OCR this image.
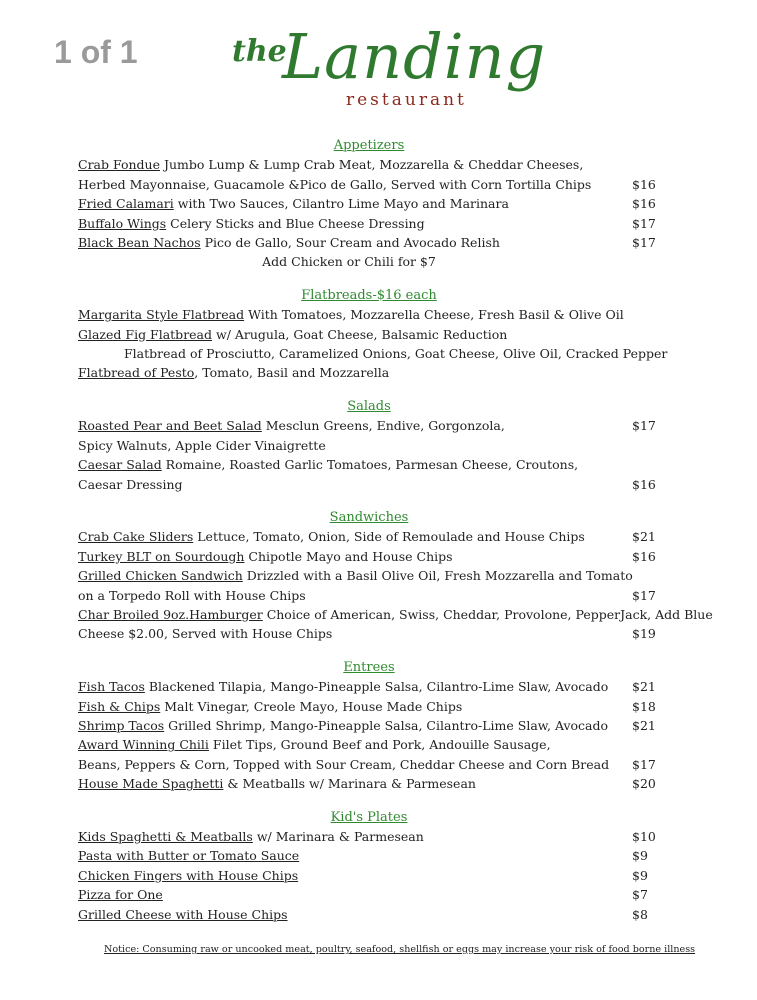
1 of 1	the
Landing
restaurant
Appetizers
Crab Fondue Jumbo Lump & Lump Crab Meat, Mozzarella & Cheddar Cheeses,
Herbed Mayonnaise, Guacamole &Pico de Gallo, Served with Corn Tortilla Chips	$16
Fried Calamari with Two Sauces, Cilantro Lime Mayo and Marinara	$16
Buffalo Wings Celery Sticks and Blue Cheese Dressing	$17
Black Bean Nachos Pico de Gallo, Sour Cream and Avocado Relish	$17
Add Chicken or Chili for $7
Flatbreads-$16 each
Margarita Style Flatbread With Tomatoes, Mozzarella Cheese, Fresh Basil & Olive Oil
Glazed Fig Flatbread w/ Arugula, Goat Cheese, Balsamic Reduction
Flatbread of Prosciutto, Caramelized Onions, Goat Cheese, Olive Oil, Cracked Pepper
Flatbread of Pesto, Tomato, Basil and Mozzarella
Salads
Roasted Pear and Beet Salad Mesclun Greens, Endive, Gorgonzola,	$17
Spicy Walnuts, Apple Cider Vinaigrette
Caesar Salad Romaine, Roasted Garlic Tomatoes, Parmesan Cheese, Croutons,
Caesar Dressing	$16
Sandwiches
Crab Cake Sliders Lettuce, Tomato, Onion, Side of Remoulade and House Chips	$21
Turkey BLT on Sourdough Chipotle Mayo and House Chips	$16
Grilled Chicken Sandwich Drizzled with a Basil Olive Oil, Fresh Mozzarella and Tomato
on a Torpedo Roll with House Chips	$17
Char Broiled 9oz.Hamburger Choice of American, Swiss, Cheddar, Provolone, PepperJack, Add Blue
Cheese $2.00, Served with House Chips	$19
Entrees
Fish Tacos Blackened Tilapia, Mango-Pineapple Salsa, Cilantro-Lime Slaw, Avocado $21
Fish & Chips Malt Vinegar, Creole Mayo, House Made Chips	$18
Shrimp Tacos Grilled Shrimp, Mango-Pineapple Salsa, Cilantro-Lime Slaw, Avocado $21
Award Winning Chili Filet Tips, Ground Beef and Pork, Andouille Sausage,
Beans, Peppers & Corn, Topped with Sour Cream, Cheddar Cheese and Corn Bread $17
House Made Spaghetti & Meatballs w/ Marinara & Parmesean	$20
Kid's Plates
Kids Spaghetti & Meatballs w/ Marinara & Parmesean	$10
Pasta with Butter or Tomato Sauce	$9
Chicken Fingers with House Chips	$9
Pizza for One	$7
Grilled Cheese with House Chips	$8
Notice: Consuming raw or uncooked meat, poultry, seafood, shellfish or eggs may increase your risk of food borne illness
